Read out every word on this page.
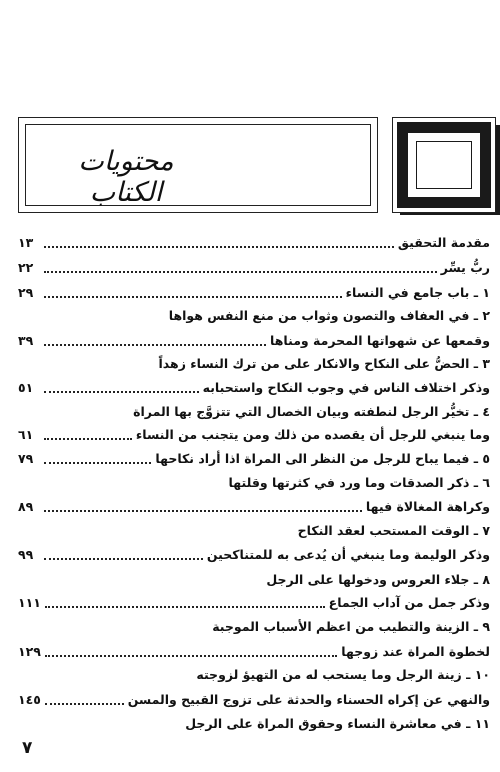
محتويات الكتاب
مقدمة التحقيق
١٣
ربُّ يسِّر
٢٢
١ ـ باب جامع في النساء
٢٩
٢ ـ في العفاف والتصون وثواب من منع النفس هواها
وقمعها عن شهواتها المحرمة ومناها
٣٩
٣ ـ الحضُّ على النكاح والانكار على من ترك النساء زهداً
وذكر اختلاف الناس في وجوب النكاح واستحبابه
٥١
٤ ـ تخيُّر الرجل لنطفته وبيان الخصال التي تتزوَّج بها المراة
وما ينبغي للرجل أن يقصده من ذلك ومن يتجنب من النساء
٦١
٥ ـ فيما يباح للرجل من النظر الى المراة اذا أراد نكاحها
٧٩
٦ ـ ذكر الصدقات وما ورد في كثرتها وقلتها
وكراهة المغالاة فيها
٨٩
٧ ـ الوقت المستحب لعقد النكاح
وذكر الوليمة وما ينبغي أن يُدعى به للمتناكحين
٩٩
٨ ـ جلاء العروس ودخولها على الرجل
وذكر جمل من آداب الجماع
١١١
٩ ـ الزينة والتطيب من اعظم الأسباب الموجبة
لخطوة المراة عند زوجها
١٢٩
١٠ ـ زينة الرجل وما يستحب له من التهيؤ لزوجته
والنهي عن إكراه الحسناء والحدثة على تزوج القبيح والمسن
١٤٥
١١ ـ في معاشرة النساء وحقوق المراة على الرجل
٧
